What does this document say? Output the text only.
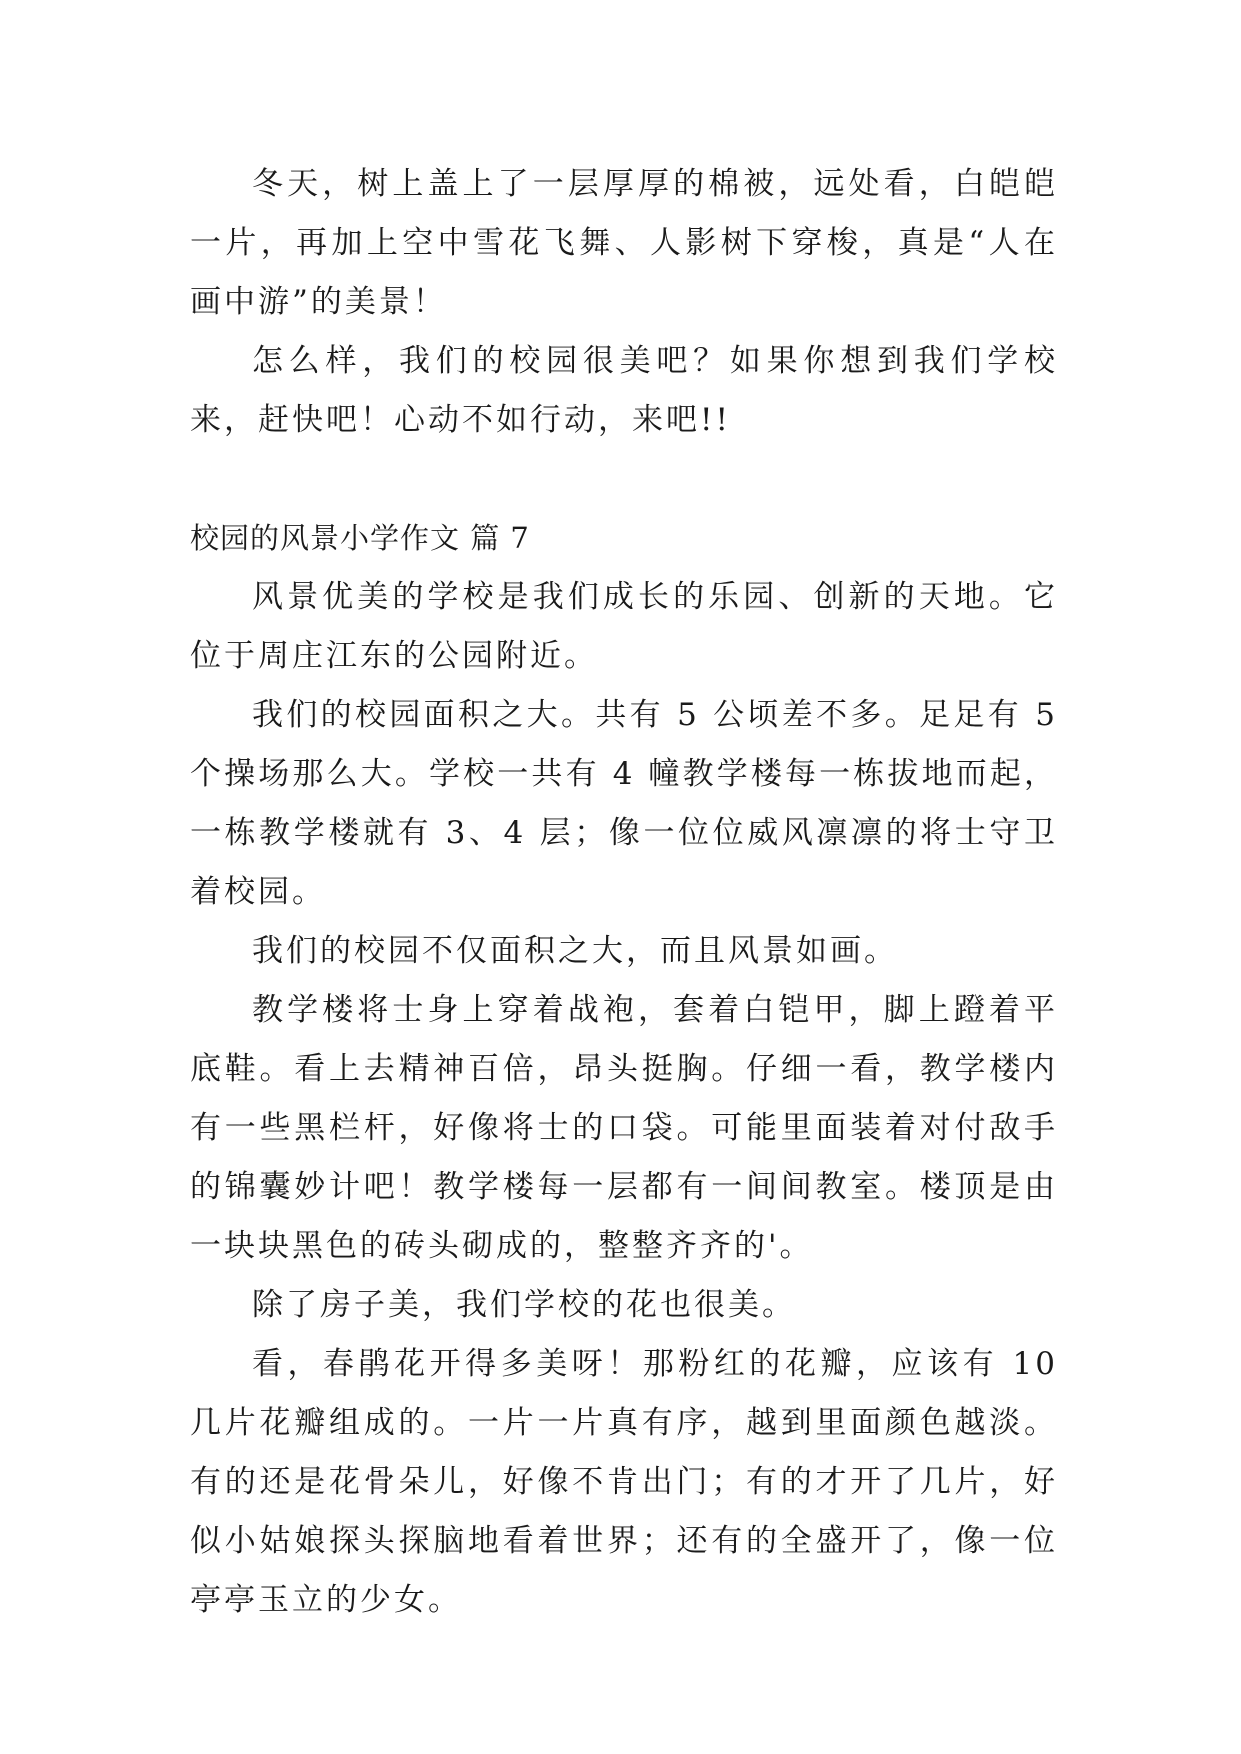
冬天，树上盖上了一层厚厚的棉被，远处看，白皑皑一片，再加上空中雪花飞舞、人影树下穿梭，真是“人在画中游”的美景！

怎么样，我们的校园很美吧？如果你想到我们学校来，赶快吧！心动不如行动，来吧!!

校园的风景小学作文 篇 7

风景优美的学校是我们成长的乐园、创新的天地。它位于周庄江东的公园附近。

我们的校园面积之大。共有 5 公顷差不多。足足有 5 个操场那么大。学校一共有 4 幢教学楼每一栋拔地而起，一栋教学楼就有 3、4 层；像一位位威风凛凛的将士守卫着校园。

我们的校园不仅面积之大，而且风景如画。

教学楼将士身上穿着战袍，套着白铠甲，脚上蹬着平底鞋。看上去精神百倍，昂头挺胸。仔细一看，教学楼内有一些黑栏杆，好像将士的口袋。可能里面装着对付敌手的锦囊妙计吧！教学楼每一层都有一间间教室。楼顶是由一块块黑色的砖头砌成的，整整齐齐的'。

除了房子美，我们学校的花也很美。

看，春鹃花开得多美呀！那粉红的花瓣，应该有 10 几片花瓣组成的。一片一片真有序，越到里面颜色越淡。有的还是花骨朵儿，好像不肯出门；有的才开了几片，好似小姑娘探头探脑地看着世界；还有的全盛开了，像一位亭亭玉立的少女。
